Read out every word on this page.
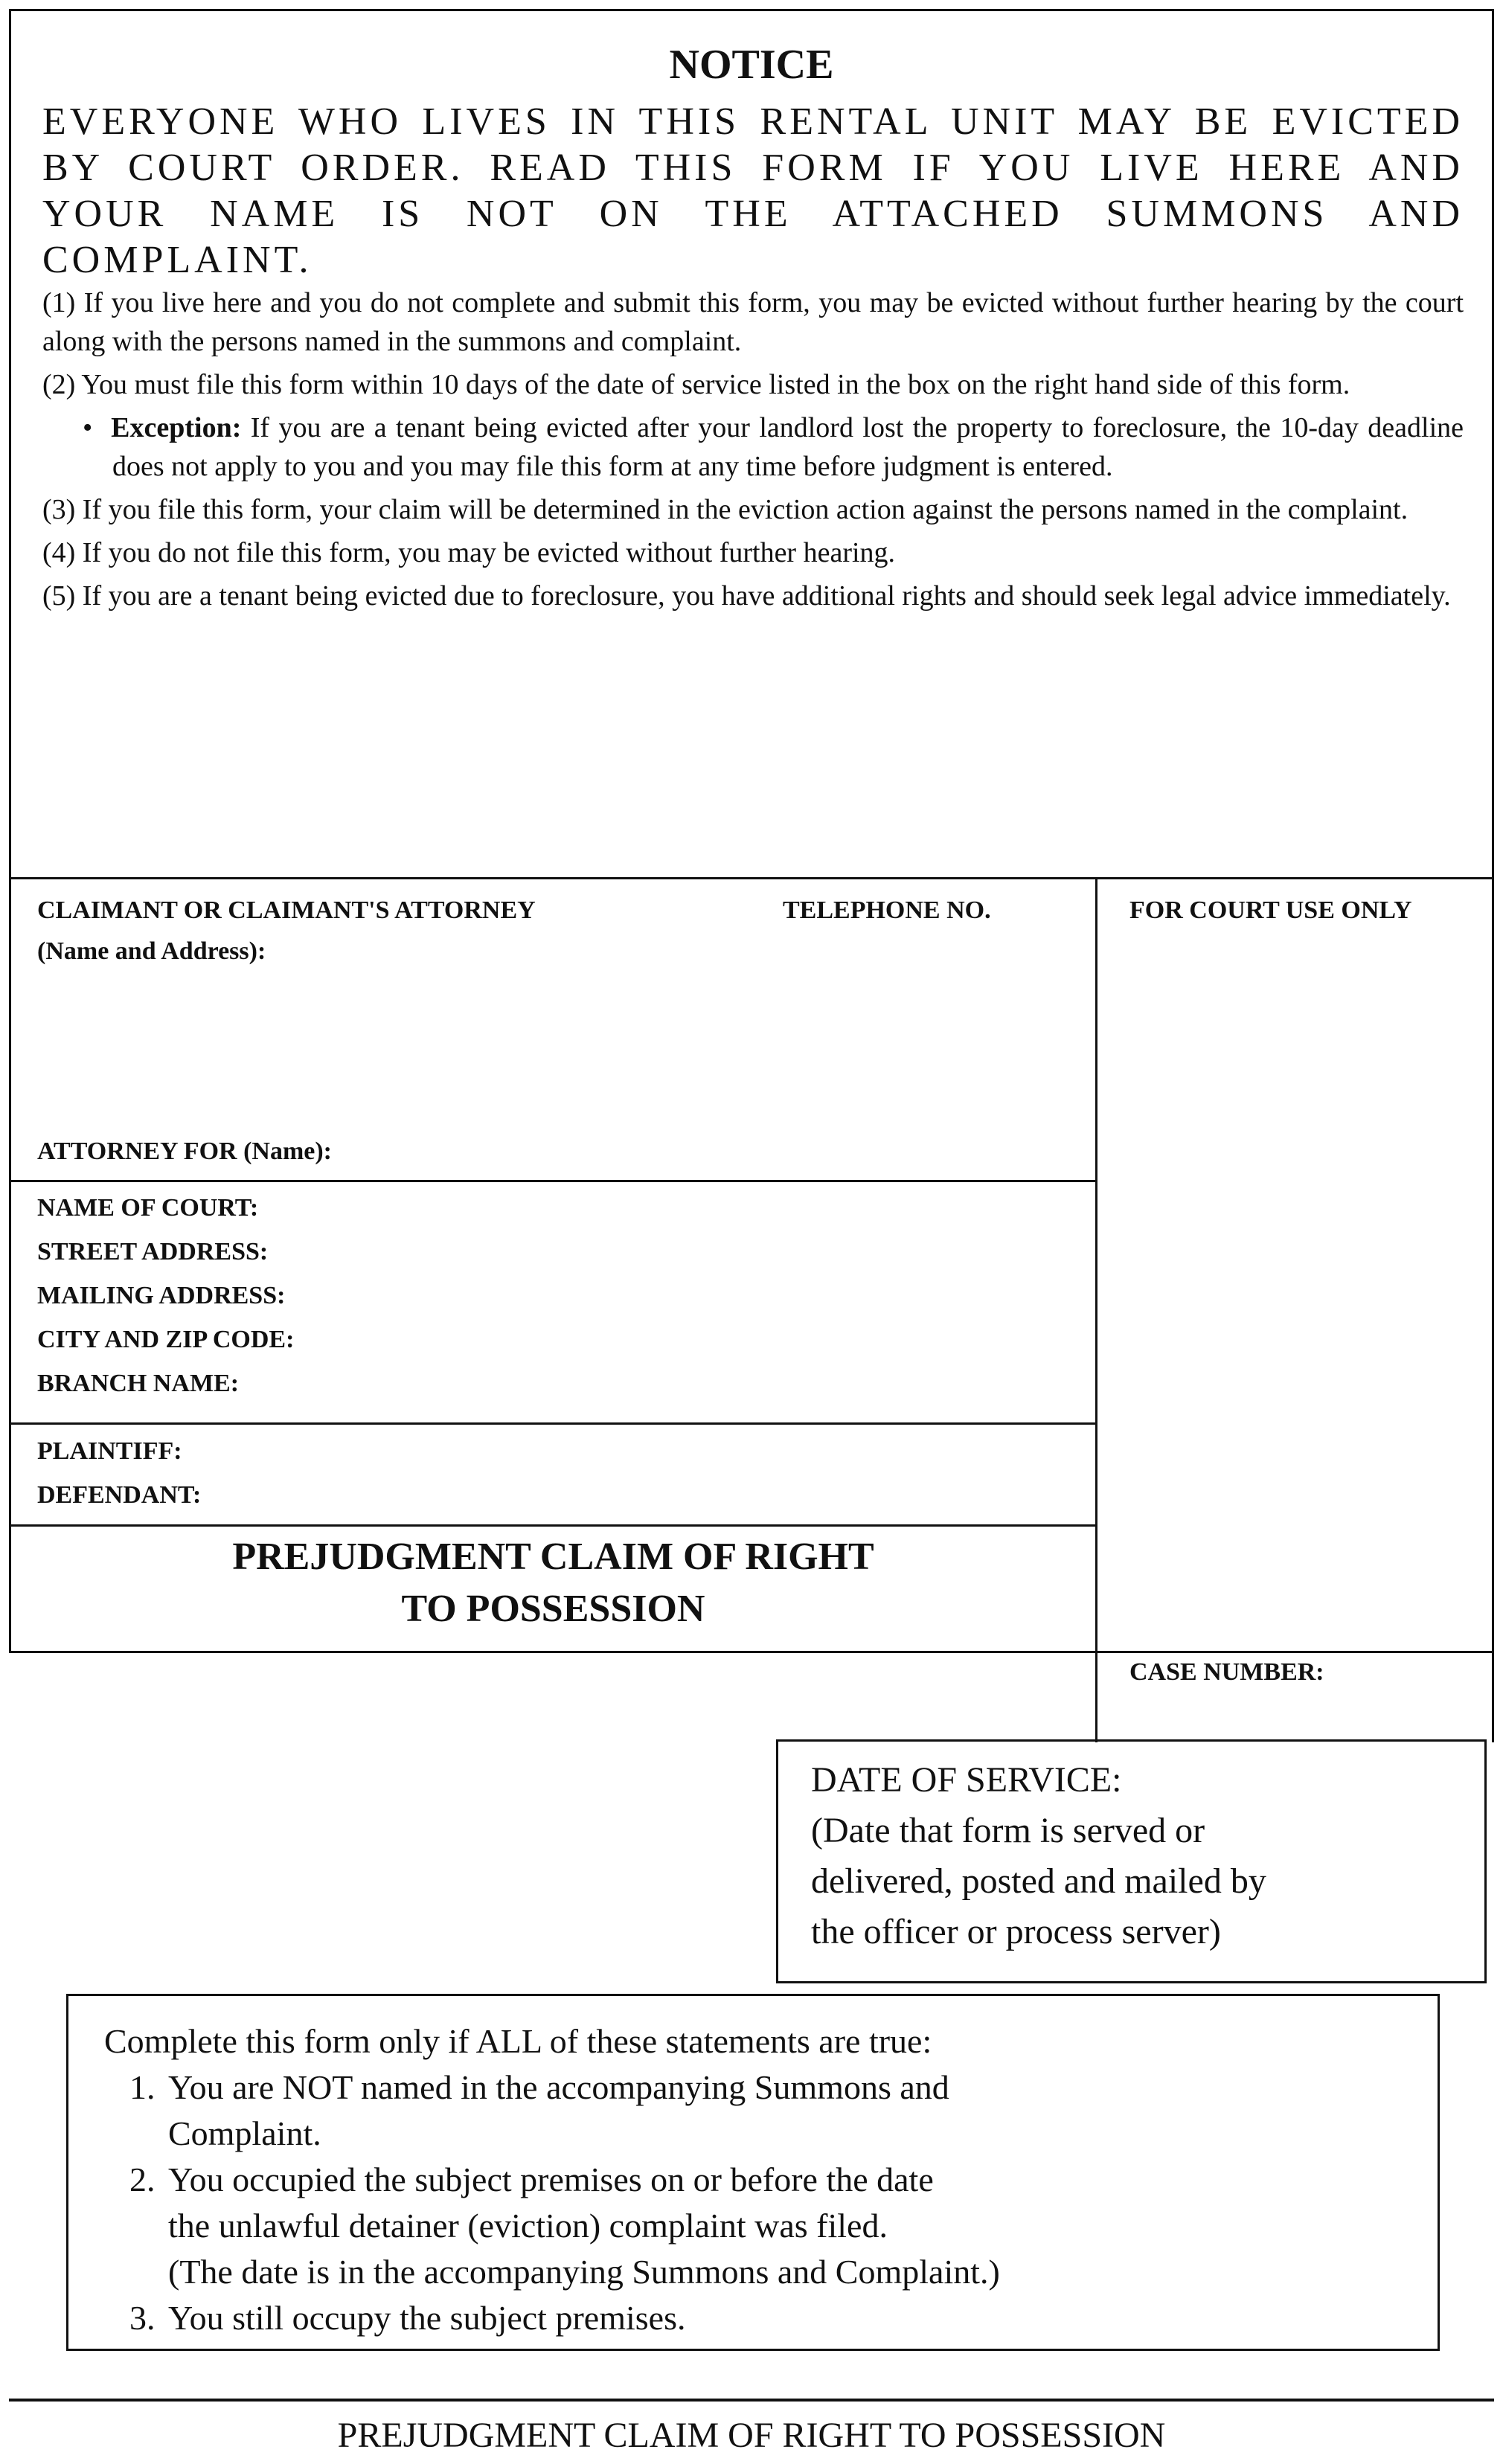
NOTICE
EVERYONE WHO LIVES IN THIS RENTAL UNIT MAY BE EVICTED BY COURT ORDER. READ THIS FORM IF YOU LIVE HERE AND YOUR NAME IS NOT ON THE ATTACHED SUMMONS AND COMPLAINT.

(1) If you live here and you do not complete and submit this form, you may be evicted without further hearing by the court along with the persons named in the summons and complaint.

(2) You must file this form within 10 days of the date of service listed in the box on the right hand side of this form.

•  Exception: If you are a tenant being evicted after your landlord lost the property to foreclosure, the 10-day deadline does not apply to you and you may file this form at any time before judgment is entered.

(3) If you file this form, your claim will be determined in the eviction action against the persons named in the complaint.

(4) If you do not file this form, you may be evicted without further hearing.

(5) If you are a tenant being evicted due to foreclosure, you have additional rights and should seek legal advice immediately.

CLAIMANT OR CLAIMANT'S ATTORNEY
(Name and Address):
TELEPHONE NO.	FOR COURT USE ONLY
ATTORNEY FOR (Name):
NAME OF COURT:
STREET ADDRESS:
MAILING ADDRESS:
CITY AND ZIP CODE:
BRANCH NAME:
PLAINTIFF:
DEFENDANT:
PREJUDGMENT CLAIM OF RIGHT
TO POSSESSION
CASE NUMBER:
DATE OF SERVICE:
(Date that form is served or
delivered, posted and mailed by
the officer or process server)
Complete this form only if ALL of these statements are true:
1. You are NOT named in the accompanying Summons and
Complaint.
2. You occupied the subject premises on or before the date
the unlawful detainer (eviction) complaint was filed.
(The date is in the accompanying Summons and Complaint.)
3. You still occupy the subject premises.
PREJUDGMENT CLAIM OF RIGHT TO POSSESSION
